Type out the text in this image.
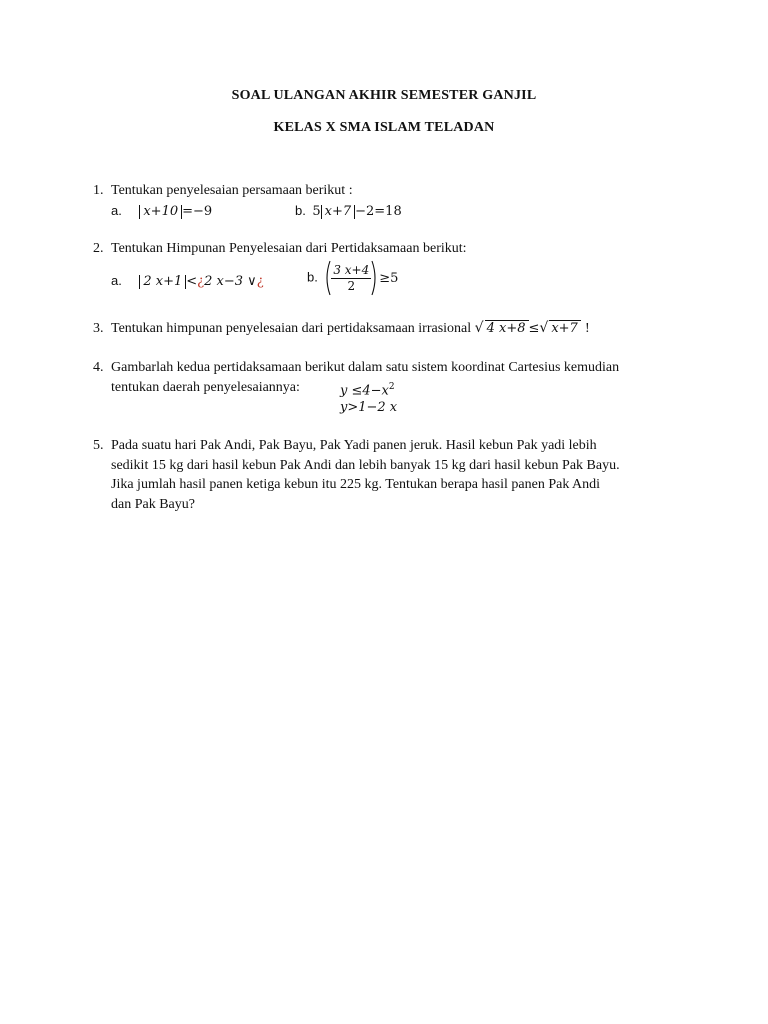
SOAL ULANGAN AKHIR SEMESTER GANJIL
KELAS X SMA ISLAM TELADAN
1. Tentukan penyelesaian persamaan berikut :
a. x+10 =−9	b. 5 x+7 −2=18
2. Tentukan Himpunan Penyelesaian dari Pertidaksamaan berikut:
a. 2 x+1 <¿2 x−3 ∨¿	b. $\frac{3 x+4}{2} \ge 5$
3. Tentukan himpunan penyelesaian dari pertidaksamaan irrasional √ 4 x+8 ≤√ x+7 !
4. Gambarlah kedua pertidaksamaan berikut dalam satu sistem koordinat Cartesius kemudian
tentukan daerah penyelesaiannya:	$y \le 4-x^2$
y>1−2 x
5. Pada suatu hari Pak Andi, Pak Bayu, Pak Yadi panen jeruk. Hasil kebun Pak yadi lebih
sedikit 15 kg dari hasil kebun Pak Andi dan lebih banyak 15 kg dari hasil kebun Pak Bayu.
Jika jumlah hasil panen ketiga kebun itu 225 kg. Tentukan berapa hasil panen Pak Andi
dan Pak Bayu?
